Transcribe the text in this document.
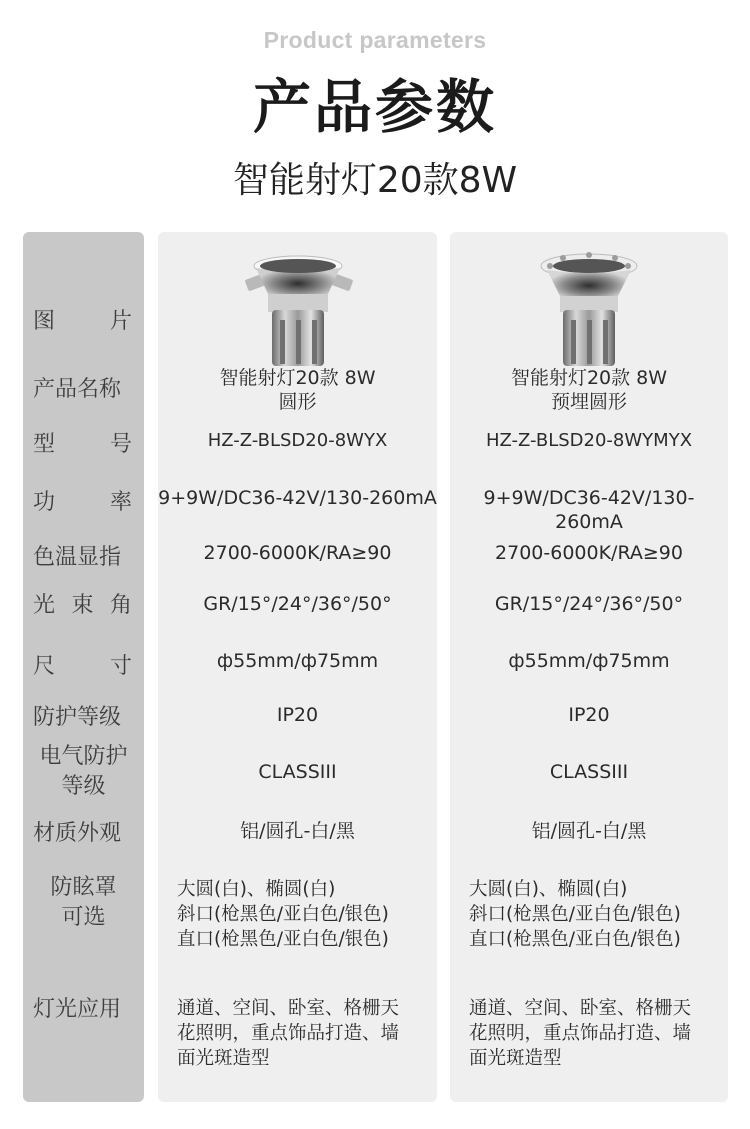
Product parameters
产品参数
智能射灯20款8W
图 片
产品名称
型 号
功 率
色温显指
光 束 角
尺 寸
防护等级
电气防护
等级
材质外观
防眩罩
可选
灯光应用
智能射灯20款 8W
圆形
HZ-Z-BLSD20-8WYX
9+9W/DC36-42V/130-260mA
2700-6000K/RA≥90
GR/15°/24°/36°/50°
ф55mm/ф75mm
IP20
CLASSIII
铝/圆孔-白/黑
大圆(白)、椭圆(白)
斜口(枪黑色/亚白色/银色)
直口(枪黑色/亚白色/银色)
通道、空间、卧室、格栅天
花照明，重点饰品打造、墙
面光斑造型
智能射灯20款 8W
预埋圆形
HZ-Z-BLSD20-8WYMYX
9+9W/DC36-42V/130-260mA
2700-6000K/RA≥90
GR/15°/24°/36°/50°
ф55mm/ф75mm
IP20
CLASSIII
铝/圆孔-白/黑
大圆(白)、椭圆(白)
斜口(枪黑色/亚白色/银色)
直口(枪黑色/亚白色/银色)
通道、空间、卧室、格栅天
花照明，重点饰品打造、墙
面光斑造型
